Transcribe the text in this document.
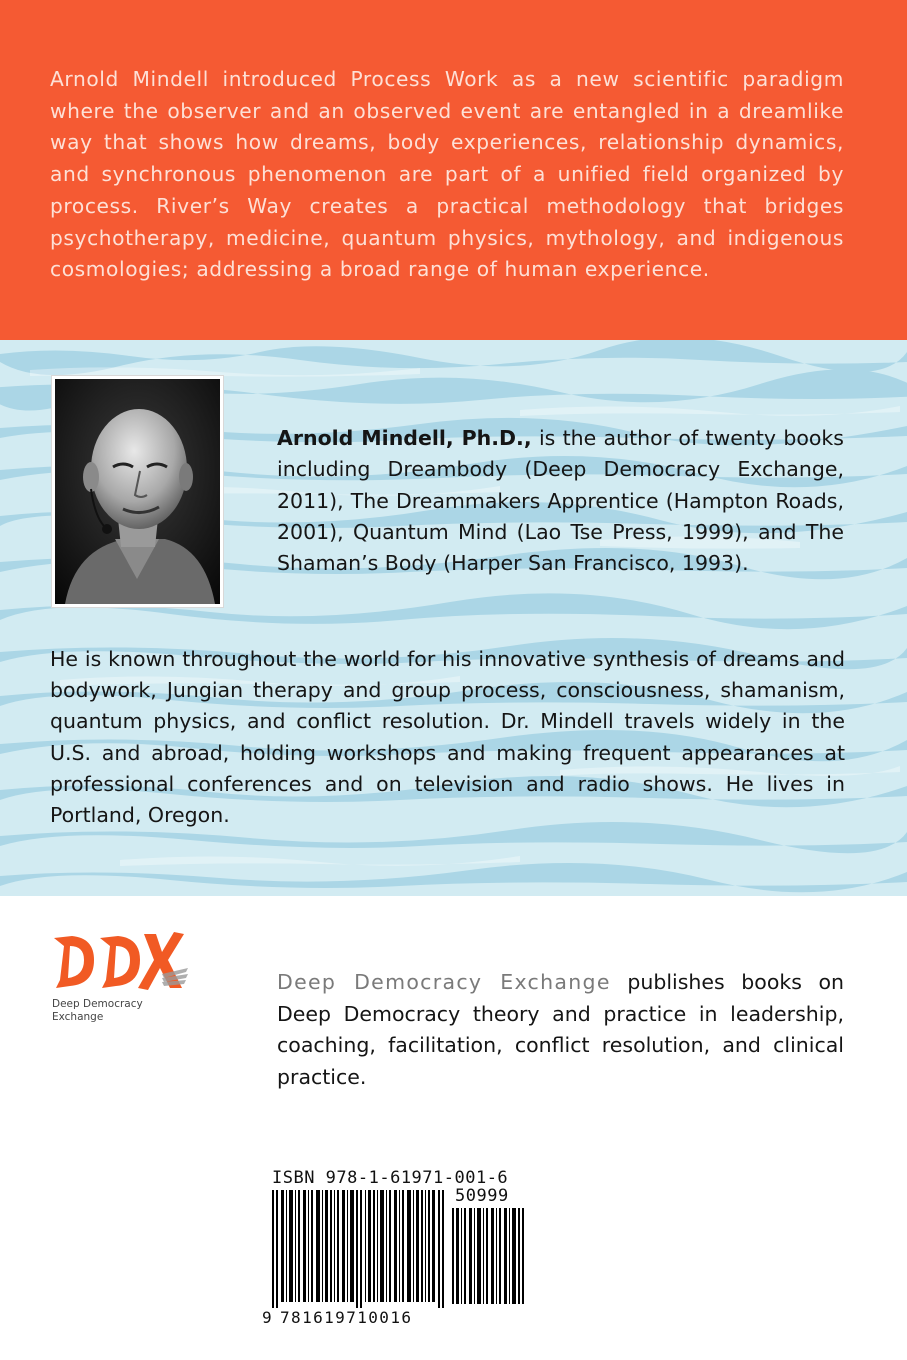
Arnold Mindell introduced Process Work as a new scientific paradigm where the observer and an observed event are entangled in a dreamlike way that shows how dreams, body experiences, relationship dynamics, and synchronous phenomenon are part of a unified field organized by process. River’s Way creates a practical methodology that bridges psychotherapy, medicine, quantum physics, mythology, and indigenous cosmologies; addressing a broad range of human experience.

Arnold Mindell, Ph.D., is the author of twenty books including Dreambody (Deep Democracy Exchange, 2011), The Dreammakers Apprentice (Hampton Roads, 2001), Quantum Mind (Lao Tse Press, 1999), and The Shaman’s Body (Harper San Francisco, 1993).

He is known throughout the world for his innovative synthesis of dreams and bodywork, Jungian therapy and group process, consciousness, shamanism, quantum physics, and conflict resolution. Dr. Mindell travels widely in the U.S. and abroad, holding workshops and making frequent appearances at professional conferences and on television and radio shows. He lives in Portland, Oregon.

Deep Democracy
Exchange

Deep Democracy Exchange publishes books on Deep Democracy theory and practice in leadership, coaching, facilitation, conflict resolution, and clinical practice.

ISBN 978-1-61971-001-6
50999
9 781619710016
